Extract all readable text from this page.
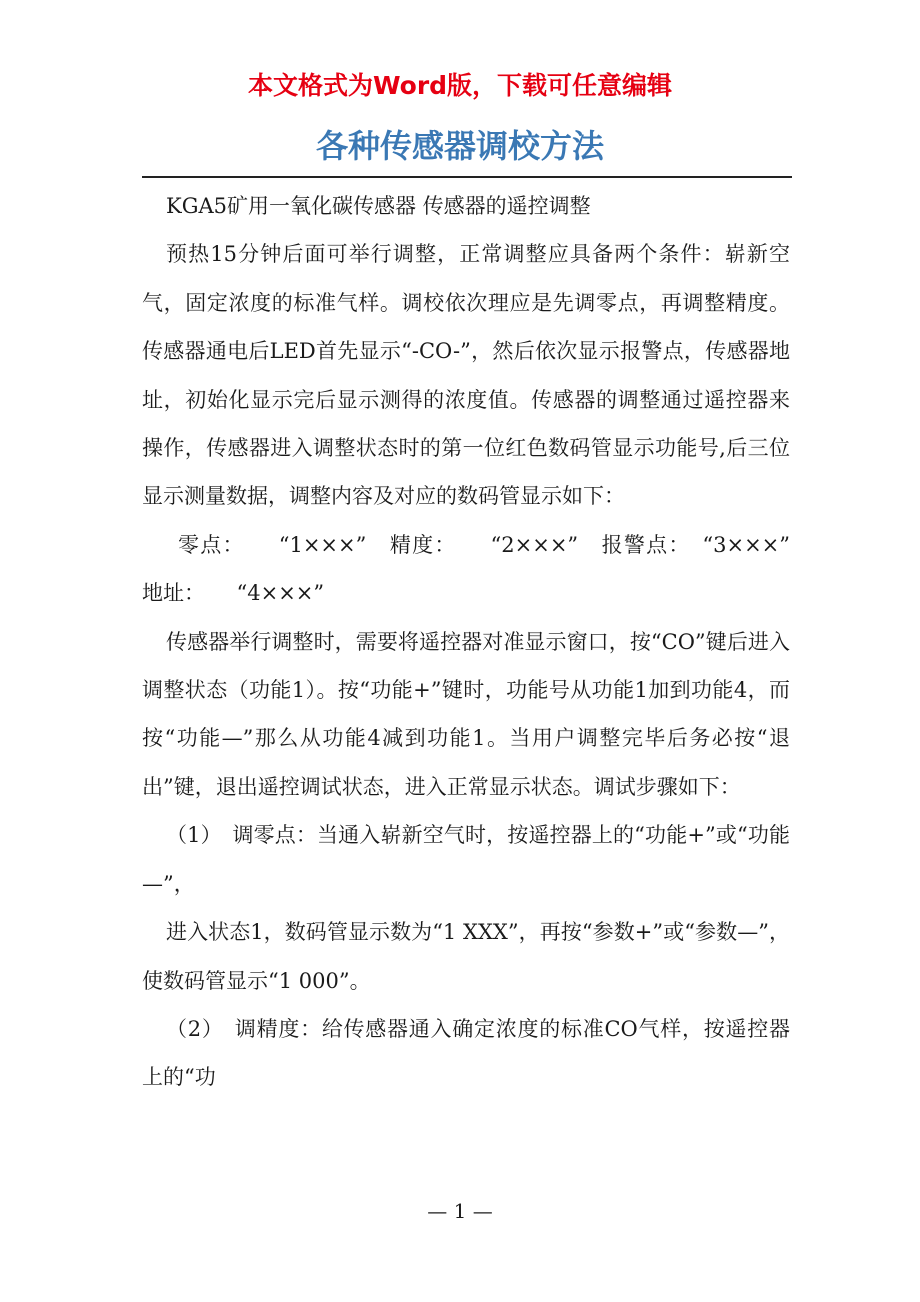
本文格式为Word版，下载可任意编辑
各种传感器调校方法

KGA5矿用一氧化碳传感器 传感器的遥控调整

预热15分钟后面可举行调整，正常调整应具备两个条件：崭新空气，固定浓度的标准气样。调校依次理应是先调零点，再调整精度。传感器通电后LED首先显示“-CO-”，然后依次显示报警点，传感器地址，初始化显示完后显示测得的浓度值。传感器的调整通过遥控器来操作，传感器进入调整状态时的第一位红色数码管显示功能号,后三位显示测量数据，调整内容及对应的数码管显示如下：

零点：　　“1×××”　精度：　　“2×××”　报警点：　“3×××”　地址：　　“4×××”

传感器举行调整时，需要将遥控器对准显示窗口，按“CO”键后进入调整状态（功能1）。按“功能+”键时，功能号从功能1加到功能4，而按“功能—”那么从功能4减到功能1。当用户调整完毕后务必按“退出”键，退出遥控调试状态，进入正常显示状态。调试步骤如下：

（1）　调零点：当通入崭新空气时，按遥控器上的“功能+”或“功能—”，

进入状态1，数码管显示数为“1 XXX”，再按“参数+”或“参数—”，使数码管显示“1 000”。

（2）　调精度：给传感器通入确定浓度的标准CO气样，按遥控器上的“功

— 1 —
